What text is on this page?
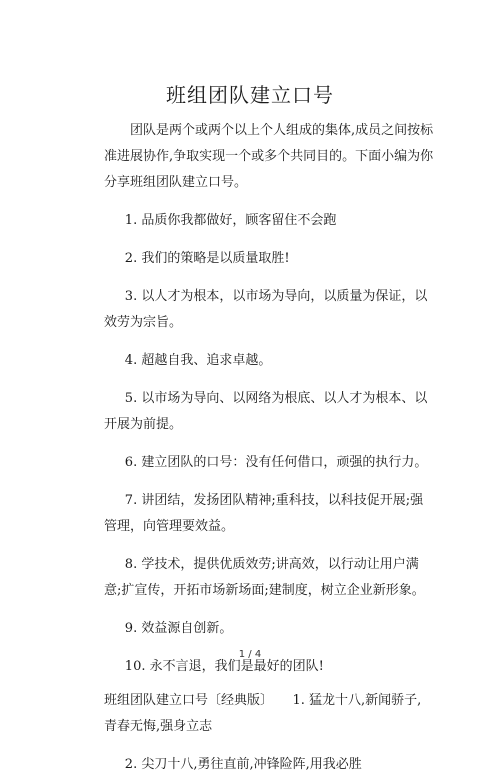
班组团队建立口号

团队是两个或两个以上个人组成的集体,成员之间按标准进展协作,争取实现一个或多个共同目的。下面小编为你分享班组团队建立口号。

1. 品质你我都做好，顾客留住不会跑

2. 我们的策略是以质量取胜!

3. 以人才为根本，以市场为导向，以质量为保证，以效劳为宗旨。

4. 超越自我、追求卓越。

5. 以市场为导向、以网络为根底、以人才为根本、以开展为前提。

6. 建立团队的口号：没有任何借口，顽强的执行力。

7. 讲团结，发扬团队精神;重科技，以科技促开展;强管理，向管理要效益。

8. 学技术，提供优质效劳;讲高效，以行动让用户满意;扩宣传，开拓市场新场面;建制度，树立企业新形象。

9. 效益源自创新。

10. 永不言退，我们是最好的团队!

班组团队建立口号〔经典版〕　　1. 猛龙十八,新闻骄子,青春无悔,强身立志

2. 尖刀十八,勇往直前,冲锋险阵,用我必胜

1 / 4
